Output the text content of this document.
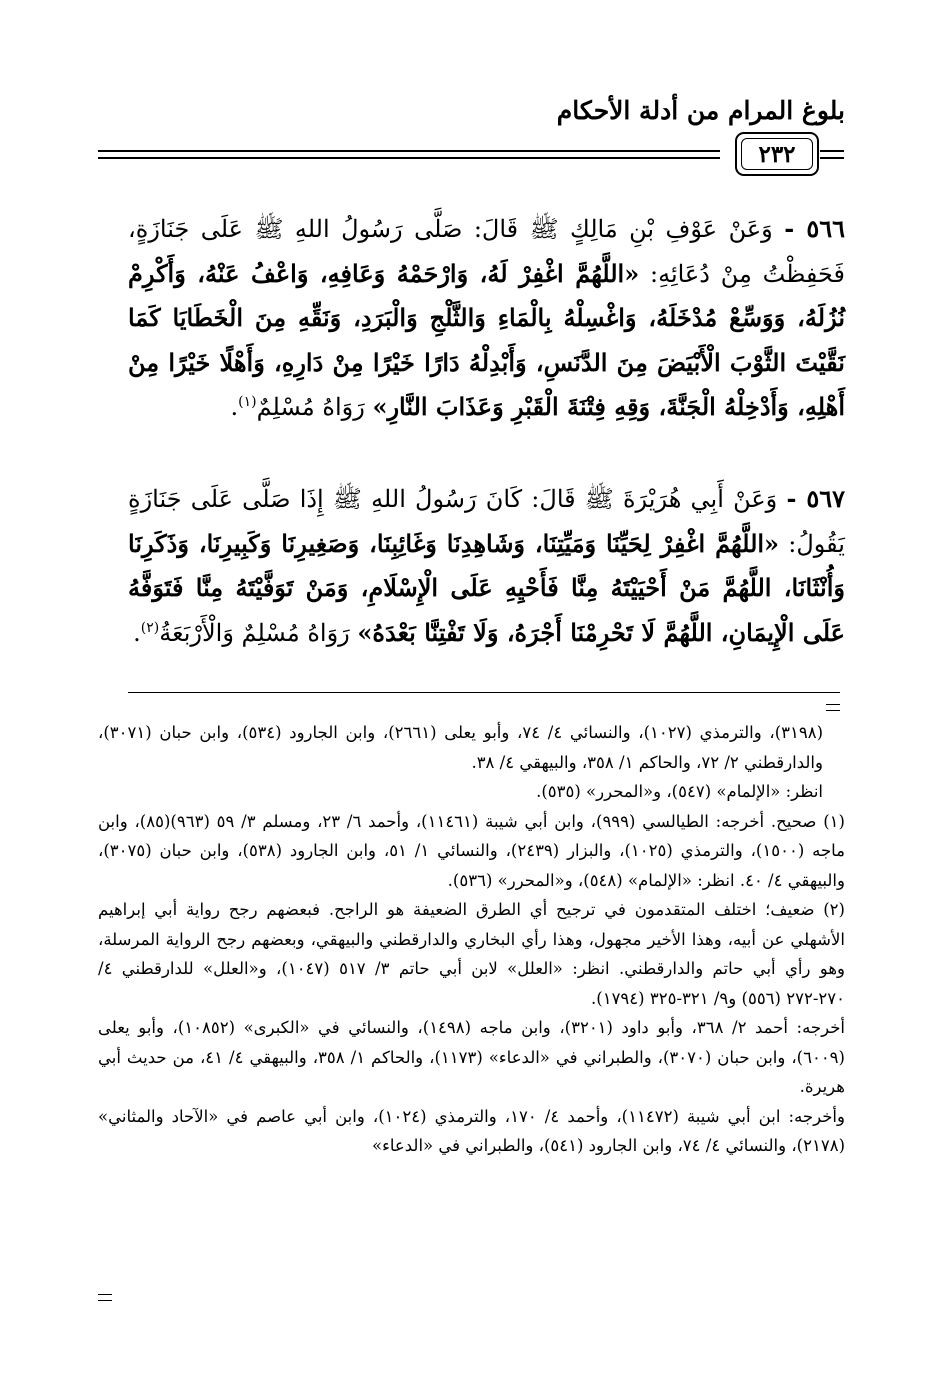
بلوغ المرام من أدلة الأحكام
٢٣٢
٥٦٦ - وَعَنْ عَوْفِ بْنِ مَالِكٍ ﷺ قَالَ: صَلَّى رَسُولُ اللهِ ﷺ عَلَى جَنَازَةٍ، فَحَفِظْتُ مِنْ دُعَائِهِ: «اللَّهُمَّ اغْفِرْ لَهُ، وَارْحَمْهُ وَعَافِهِ، وَاعْفُ عَنْهُ، وَأَكْرِمْ نُزُلَهُ، وَوَسِّعْ مُدْخَلَهُ، وَاغْسِلْهُ بِالْمَاءِ وَالثَّلْجِ وَالْبَرَدِ، وَنَقِّهِ مِنَ الْخَطَايَا كَمَا نَقَّيْتَ الثَّوْبَ الْأَبْيَضَ مِنَ الدَّنَسِ، وَأَبْدِلْهُ دَارًا خَيْرًا مِنْ دَارِهِ، وَأَهْلًا خَيْرًا مِنْ أَهْلِهِ، وَأَدْخِلْهُ الْجَنَّةَ، وَقِهِ فِتْنَةَ الْقَبْرِ وَعَذَابَ النَّارِ» رَوَاهُ مُسْلِمٌ$^{(١)}$.
٥٦٧ - وَعَنْ أَبِي هُرَيْرَةَ ﷺ قَالَ: كَانَ رَسُولُ اللهِ ﷺ إِذَا صَلَّى عَلَى جَنَازَةٍ يَقُولُ: «اللَّهُمَّ اغْفِرْ لِحَيِّنَا وَمَيِّتِنَا، وَشَاهِدِنَا وَغَائِبِنَا، وَصَغِيرِنَا وَكَبِيرِنَا، وَذَكَرِنَا وَأُنْثَانَا، اللَّهُمَّ مَنْ أَحْيَيْتَهُ مِنَّا فَأَحْيِهِ عَلَى الْإِسْلَامِ، وَمَنْ تَوَفَّيْتَهُ مِنَّا فَتَوَفَّهُ عَلَى الْإِيمَانِ، اللَّهُمَّ لَا تَحْرِمْنَا أَجْرَهُ، وَلَا تَفْتِنَّا بَعْدَهُ» رَوَاهُ مُسْلِمٌ وَالْأَرْبَعَةُ$^{(٢)}$.

(٣١٩٨)، والترمذي (١٠٢٧)، والنسائي ٤/ ٧٤، وأبو يعلى (٢٦٦١)، وابن الجارود (٥٣٤)، وابن حبان (٣٠٧١)، والدارقطني ٢/ ٧٢، والحاكم ١/ ٣٥٨، والبيهقي ٤/ ٣٨.

انظر: «الإلمام» (٥٤٧)، و«المحرر» (٥٣٥).

(١) صحيح. أخرجه: الطيالسي (٩٩٩)، وابن أبي شيبة (١١٤٦١)، وأحمد ٦/ ٢٣، ومسلم ٣/ ٥٩ (٩٦٣)(٨٥)، وابن ماجه (١٥٠٠)، والترمذي (١٠٢٥)، والبزار (٢٤٣٩)، والنسائي ١/ ٥١، وابن الجارود (٥٣٨)، وابن حبان (٣٠٧٥)، والبيهقي ٤/ ٤٠. انظر: «الإلمام» (٥٤٨)، و«المحرر» (٥٣٦).

(٢) ضعيف؛ اختلف المتقدمون في ترجيح أي الطرق الضعيفة هو الراجح. فبعضهم رجح رواية أبي إبراهيم الأشهلي عن أبيه، وهذا الأخير مجهول، وهذا رأي البخاري والدارقطني والبيهقي، وبعضهم رجح الرواية المرسلة، وهو رأي أبي حاتم والدارقطني. انظر: «العلل» لابن أبي حاتم ٣/ ٥١٧ (١٠٤٧)، و«العلل» للدارقطني ٤/ ٢٧٠-٢٧٢ (٥٥٦) و٩/ ٣٢١-٣٢٥ (١٧٩٤).

أخرجه: أحمد ٢/ ٣٦٨، وأبو داود (٣٢٠١)، وابن ماجه (١٤٩٨)، والنسائي في «الكبرى» (١٠٨٥٢)، وأبو يعلى (٦٠٠٩)، وابن حبان (٣٠٧٠)، والطبراني في «الدعاء» (١١٧٣)، والحاكم ١/ ٣٥٨، والبيهقي ٤/ ٤١، من حديث أبي هريرة.

وأخرجه: ابن أبي شيبة (١١٤٧٢)، وأحمد ٤/ ١٧٠، والترمذي (١٠٢٤)، وابن أبي عاصم في «الآحاد والمثاني» (٢١٧٨)، والنسائي ٤/ ٧٤، وابن الجارود (٥٤١)، والطبراني في «الدعاء»
